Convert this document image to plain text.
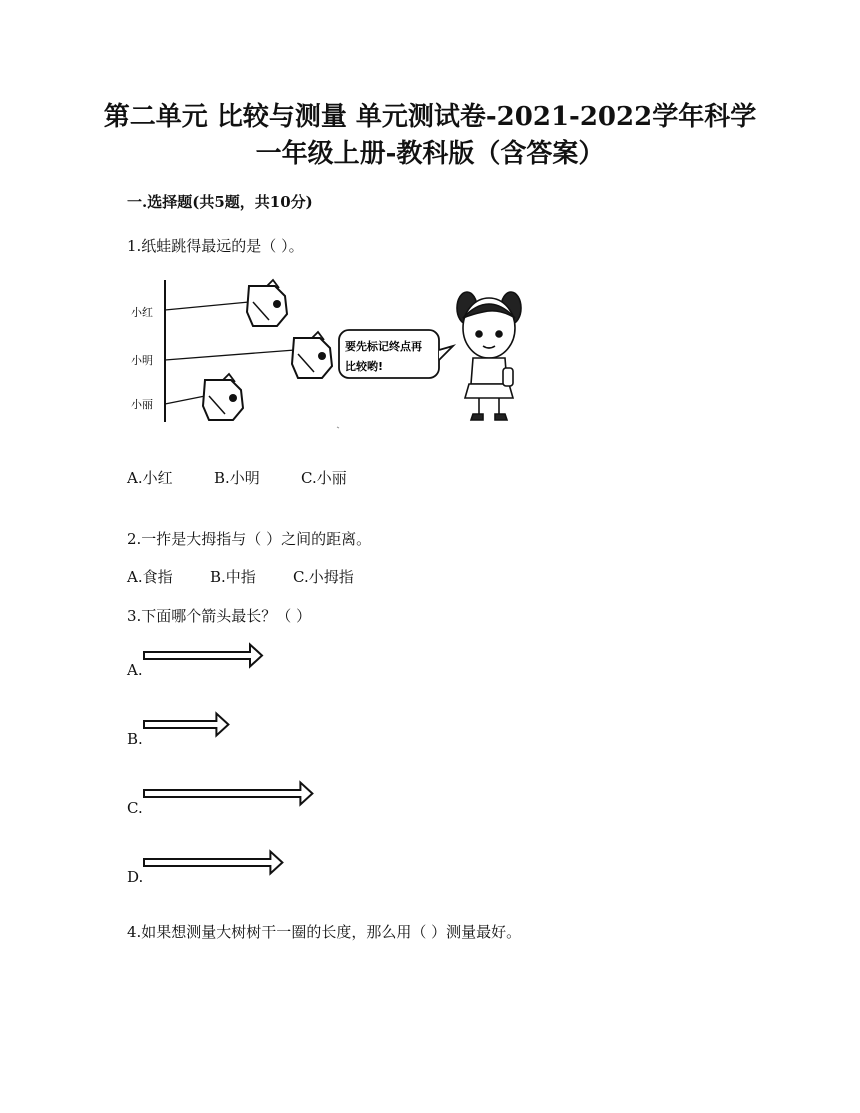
第二单元 比较与测量 单元测试卷-2021-2022学年科学
一年级上册-教科版（含答案）
一.选择题(共5题，共10分)
1.纸蛙跳得最远的是（ ）。
小红
小明
小丽
要先标记终点再
比较哟!
A.小红	B.小明	C.小丽
2.一拃是大拇指与（ ）之间的距离。
A.食指 B.中指 C.小拇指
3.下面哪个箭头最长？（ ）
A.
B.
C.
D.
4.如果想测量大树树干一圈的长度，那么用（ ）测量最好。
